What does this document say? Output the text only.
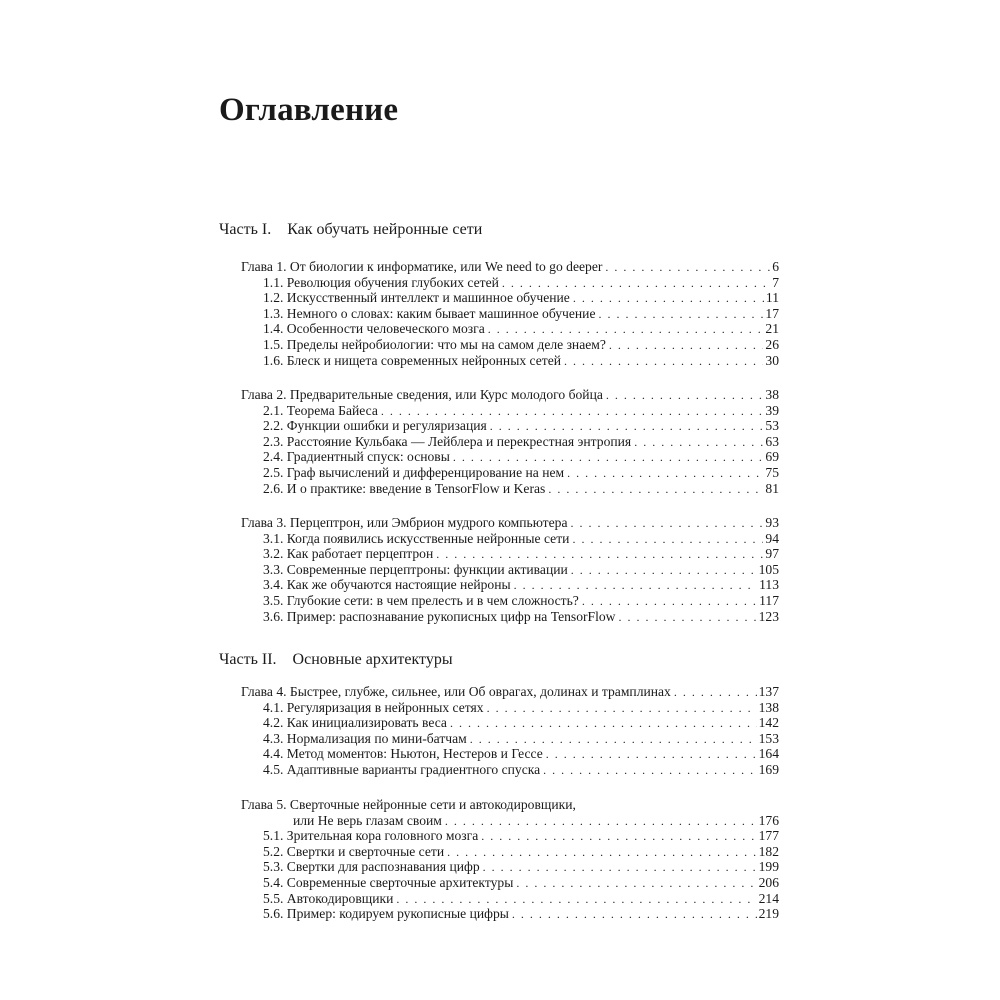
Оглавление
Часть I. Как обучать нейронные сети
Глава 1. От биологии к информатике, или We need to go deeper . . .	6
1.1. Революция обучения глубоких сетей . . .	7
1.2. Искусственный интеллект и машинное обучение . . .	11
1.3. Немного о словах: каким бывает машинное обучение . . .	17
1.4. Особенности человеческого мозга . . .	21
1.5. Пределы нейробиологии: что мы на самом деле знаем? . . .	26
1.6. Блеск и нищета современных нейронных сетей . . .	30
Глава 2. Предварительные сведения, или Курс молодого бойца . . .	38
2.1. Теорема Байеса . . .	39
2.2. Функции ошибки и регуляризация . . .	53
2.3. Расстояние Кульбака — Лейблера и перекрестная энтропия . . .	63
2.4. Градиентный спуск: основы . . .	69
2.5. Граф вычислений и дифференцирование на нем . . .	75
2.6. И о практике: введение в TensorFlow и Keras . . .	81
Глава 3. Перцептрон, или Эмбрион мудрого компьютера . . .	93
3.1. Когда появились искусственные нейронные сети . . .	94
3.2. Как работает перцептрон . . .	97
3.3. Современные перцептроны: функции активации . . .	105
3.4. Как же обучаются настоящие нейроны . . .	113
3.5. Глубокие сети: в чем прелесть и в чем сложность? . . .	117
3.6. Пример: распознавание рукописных цифр на TensorFlow . . .	123
Часть II. Основные архитектуры
Глава 4. Быстрее, глубже, сильнее, или Об оврагах, долинах и трамплинах . . .	137
4.1. Регуляризация в нейронных сетях . . .	138
4.2. Как инициализировать веса . . .	142
4.3. Нормализация по мини-батчам . . .	153
4.4. Метод моментов: Ньютон, Нестеров и Гессе . . .	164
4.5. Адаптивные варианты градиентного спуска . . .	169
Глава 5. Сверточные нейронные сети и автокодировщики,
или Не верь глазам своим . . .	176
5.1. Зрительная кора головного мозга . . .	177
5.2. Свертки и сверточные сети . . .	182
5.3. Свертки для распознавания цифр . . .	199
5.4. Современные сверточные архитектуры . . .	206
5.5. Автокодировщики . . .	214
5.6. Пример: кодируем рукописные цифры . . .	219
